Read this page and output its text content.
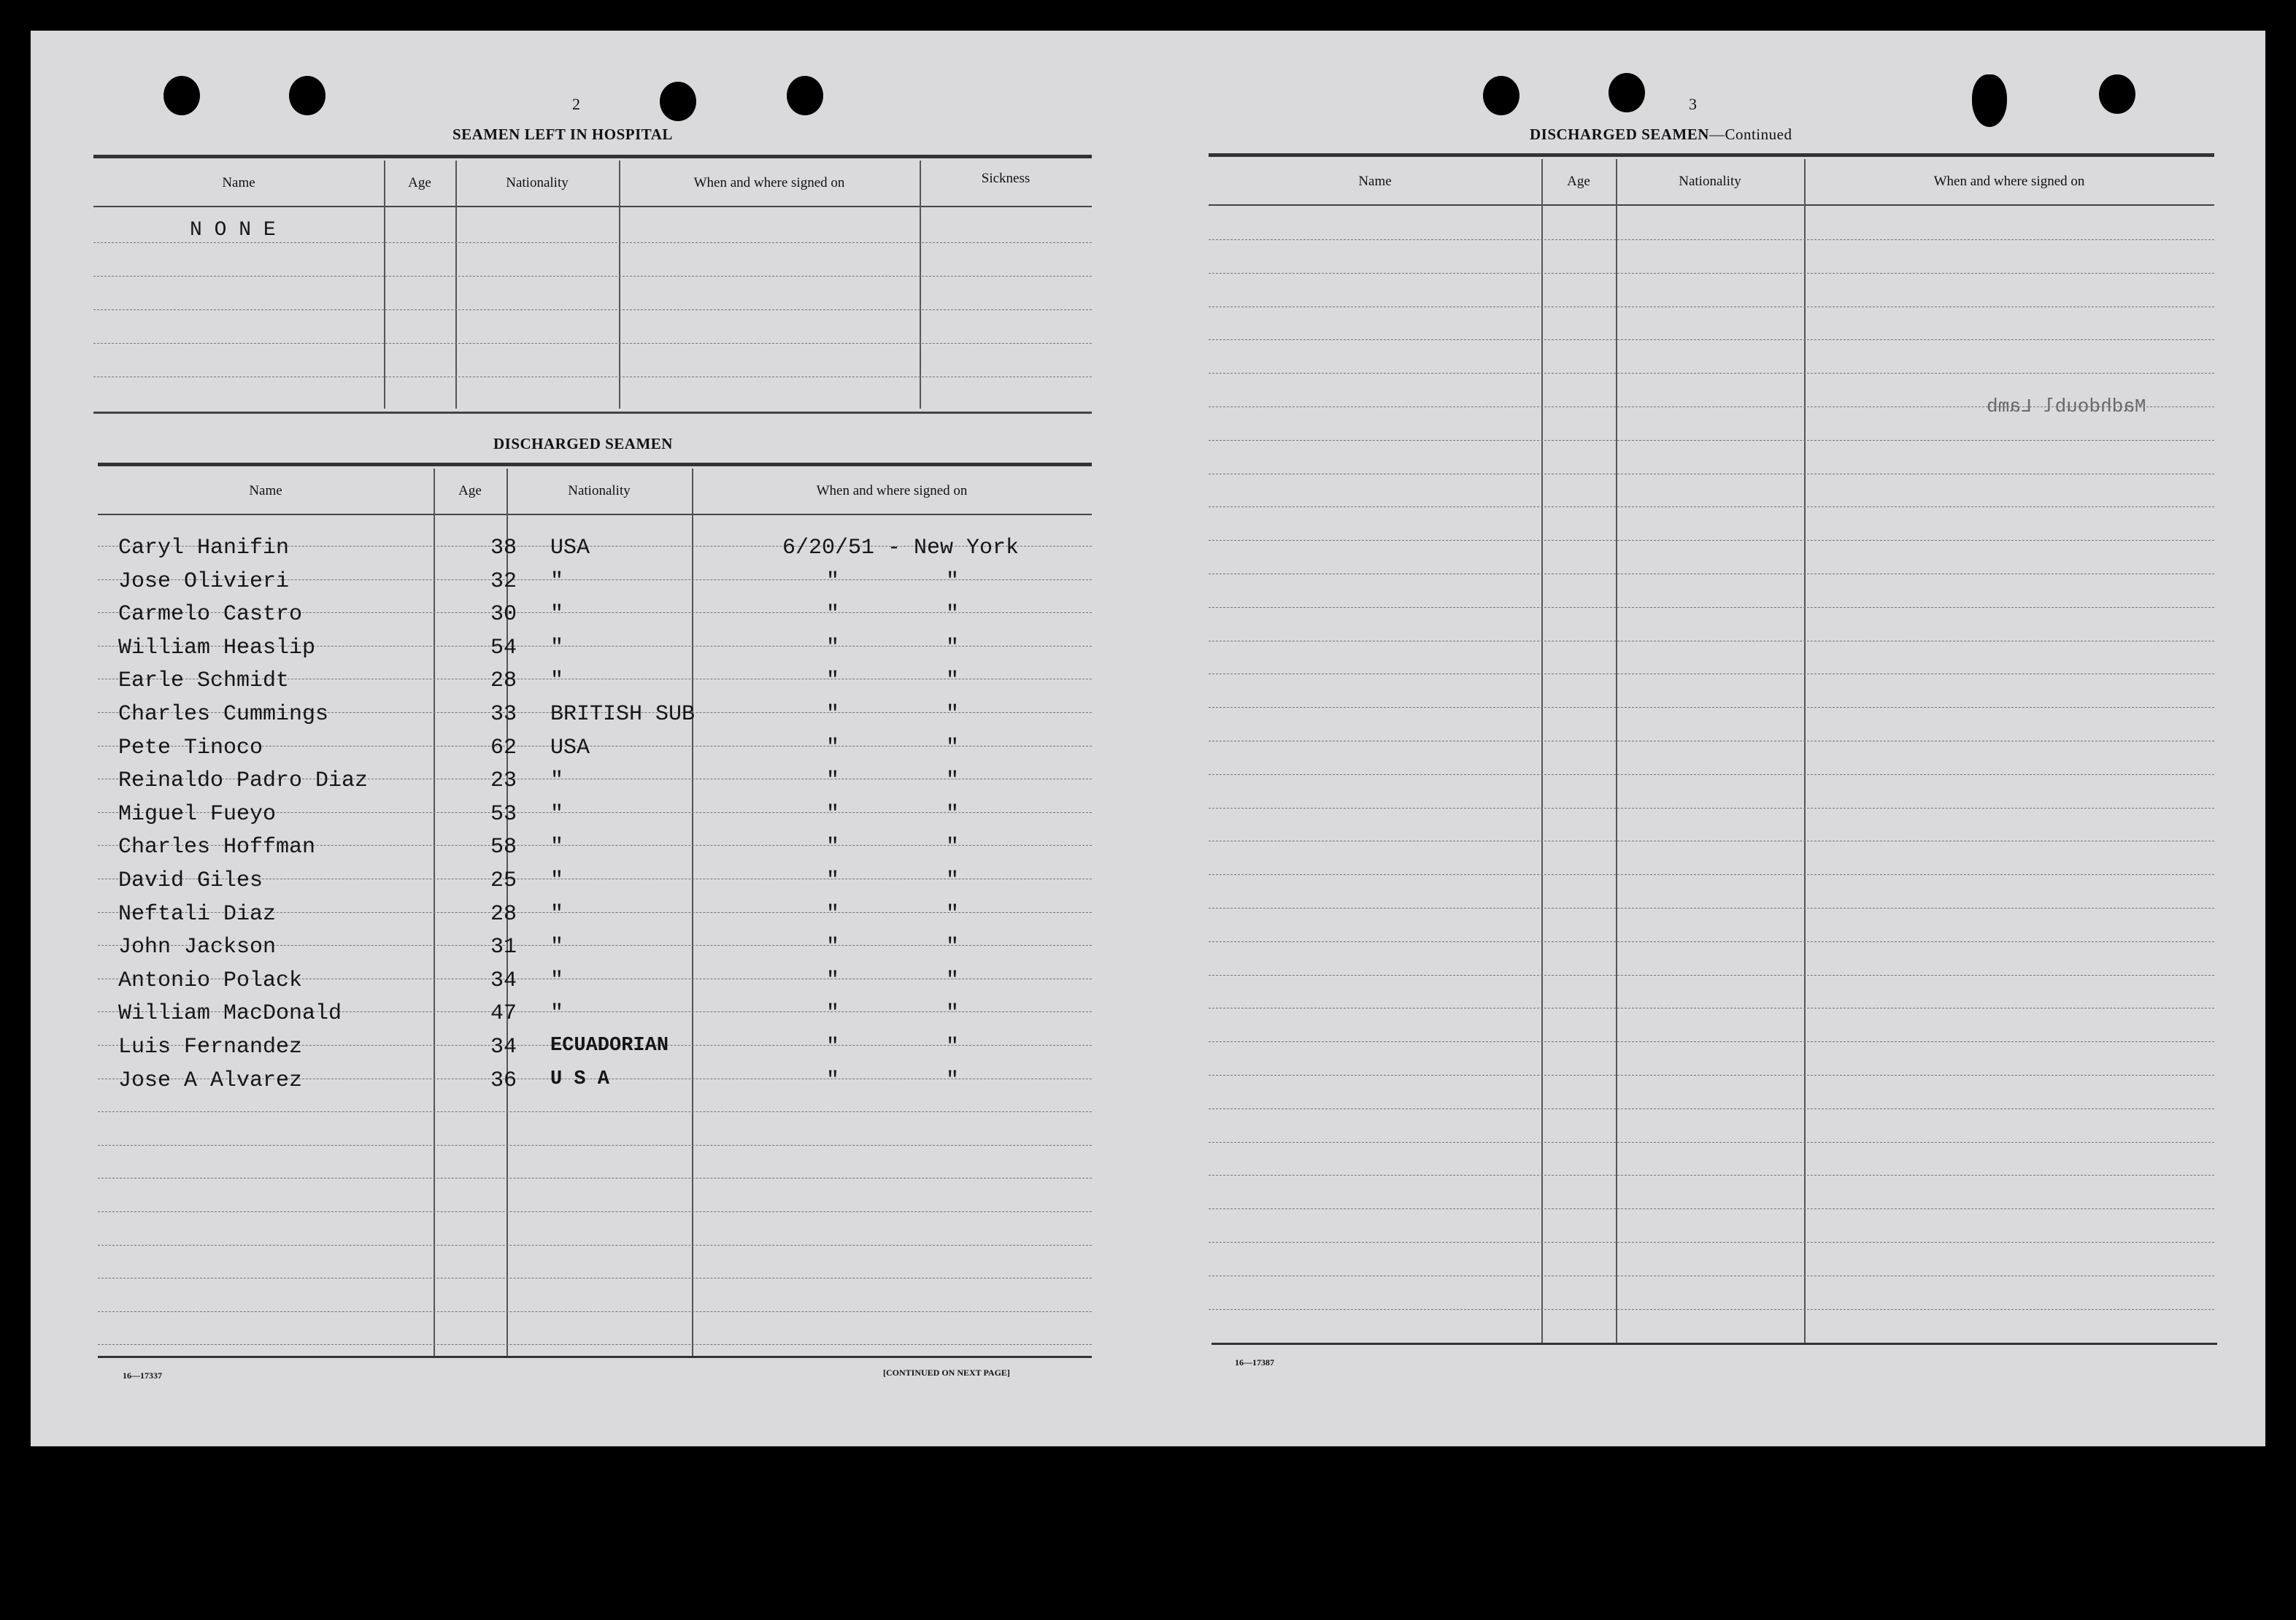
2
SEAMEN LEFT IN HOSPITAL
Name	Age	Nationality	When and where signed on	Sickness
N O N E
DISCHARGED SEAMEN
Name	Age	Nationality	When and where signed on
Caryl Hanifin	38 USA	6/20/51 - New York
Jose Olivieri	32 "	"	"
Carmelo Castro	30 "	"	"
William Heaslip	54 "	"	"
Earle Schmidt	28 "	"	"
Charles Cummings	33 BRITISH SUB	"	"
Pete Tinoco	62 USA	"	"
Reinaldo Padro Diaz	23 "	"	"
Miguel Fueyo	53 "	"	"
Charles Hoffman	58 "	"	"
David Giles	25 "	"	"
Neftali Diaz	28 "	"	"
John Jackson	31 "	"	"
Antonio Polack	34 "	"	"
William MacDonald	47 "	"	"
Luis Fernandez	34 ECUADORIAN	"	"
Jose A Alvarez	36 U S A	"	"
16—17337	[CONTINUED ON NEXT PAGE]
3
DISCHARGED SEAMEN—Continued
Name	Age	Nationality	When and where signed on
Madhdoubl Lamb
16—17387
